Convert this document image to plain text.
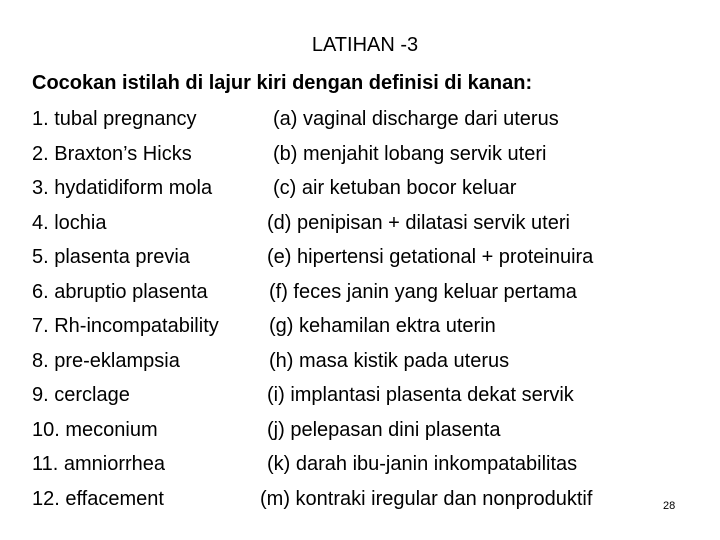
LATIHAN -3
Cocokan istilah di lajur kiri dengan definisi di kanan:
1. tubal pregnancy	(a) vaginal discharge dari uterus
2. Braxton’s Hicks	(b) menjahit lobang servik uteri
3. hydatidiform mola	(c) air ketuban bocor keluar
4. lochia	(d) penipisan + dilatasi servik uteri
5. plasenta previa	(e) hipertensi getational + proteinuira
6. abruptio plasenta	(f) feces janin yang keluar pertama
7. Rh-incompatability	(g) kehamilan ektra uterin
8. pre-eklampsia	(h) masa kistik pada uterus
9. cerclage	(i) implantasi plasenta dekat servik
10. meconium	(j) pelepasan dini plasenta
11. amniorrhea	(k) darah ibu-janin inkompatabilitas
12. effacement	(m) kontraki iregular dan nonproduktif	28
